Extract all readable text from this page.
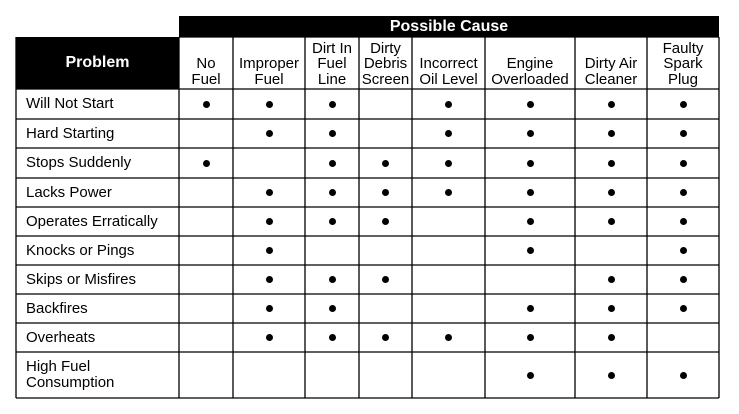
Possible Cause
Problem	No
Fuel
Improper
Fuel
Dirt In
Fuel
Line
Dirty
Debris
Screen
Incorrect
Oil Level
Engine
Overloaded
Dirty Air
Cleaner
Faulty
Spark
Plug
Will Not Start
Hard Starting
Stops Suddenly
Lacks Power
Operates Erratically
Knocks or Pings
Skips or Misfires
Backfires
Overheats
High Fuel
Consumption
